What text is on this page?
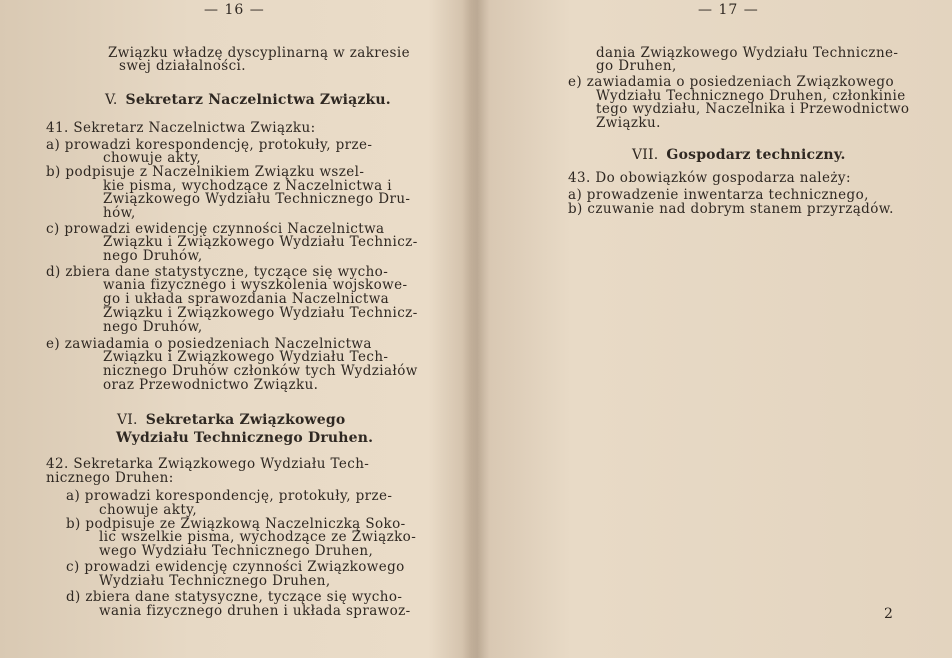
— 16 —
Związku władzę dyscyplinarną w zakresie
swej działalności.
V. Sekretarz Naczelnictwa Związku.
41. Sekretarz Naczelnictwa Związku:
a) prowadzi korespondencję, protokuły, prze-
chowuje akty,
b) podpisuje z Naczelnikiem Związku wszel-
kie pisma, wychodzące z Naczelnictwa i
Związkowego Wydziału Technicznego Dru-
hów,
c) prowadzi ewidencję czynności Naczelnictwa
Związku i Związkowego Wydziału Technicz-
nego Druhów,
d) zbiera dane statystyczne, tyczące się wycho-
wania fizycznego i wyszkolenia wojskowe-
go i układa sprawozdania Naczelnictwa
Związku i Związkowego Wydziału Technicz-
nego Druhów,
e) zawiadamia o posiedzeniach Naczelnictwa
Związku i Związkowego Wydziału Tech-
nicznego Druhów członków tych Wydziałów
oraz Przewodnictwo Związku.
VI. Sekretarka Związkowego
Wydziału Technicznego Druhen.
42. Sekretarka Związkowego Wydziału Tech-
nicznego Druhen:
a) prowadzi korespondencję, protokuły, prze-
chowuje akty,
b) podpisuje ze Związkową Naczelniczką Soko-
lic wszelkie pisma, wychodzące ze Związko-
wego Wydziału Technicznego Druhen,
c) prowadzi ewidencję czynności Związkowego
Wydziału Technicznego Druhen,
d) zbiera dane statysyczne, tyczące się wycho-
wania fizycznego druhen i układa sprawoz-
— 17 —
dania Związkowego Wydziału Techniczne-
go Druhen,
e) zawiadamia o posiedzeniach Związkowego
Wydziału Technicznego Druhen, członkinie
tego wydziału, Naczelnika i Przewodnictwo
Związku.
VII. Gospodarz techniczny.
43. Do obowiązków gospodarza należy:
a) prowadzenie inwentarza technicznego,
b) czuwanie nad dobrym stanem przyrządów.
2
